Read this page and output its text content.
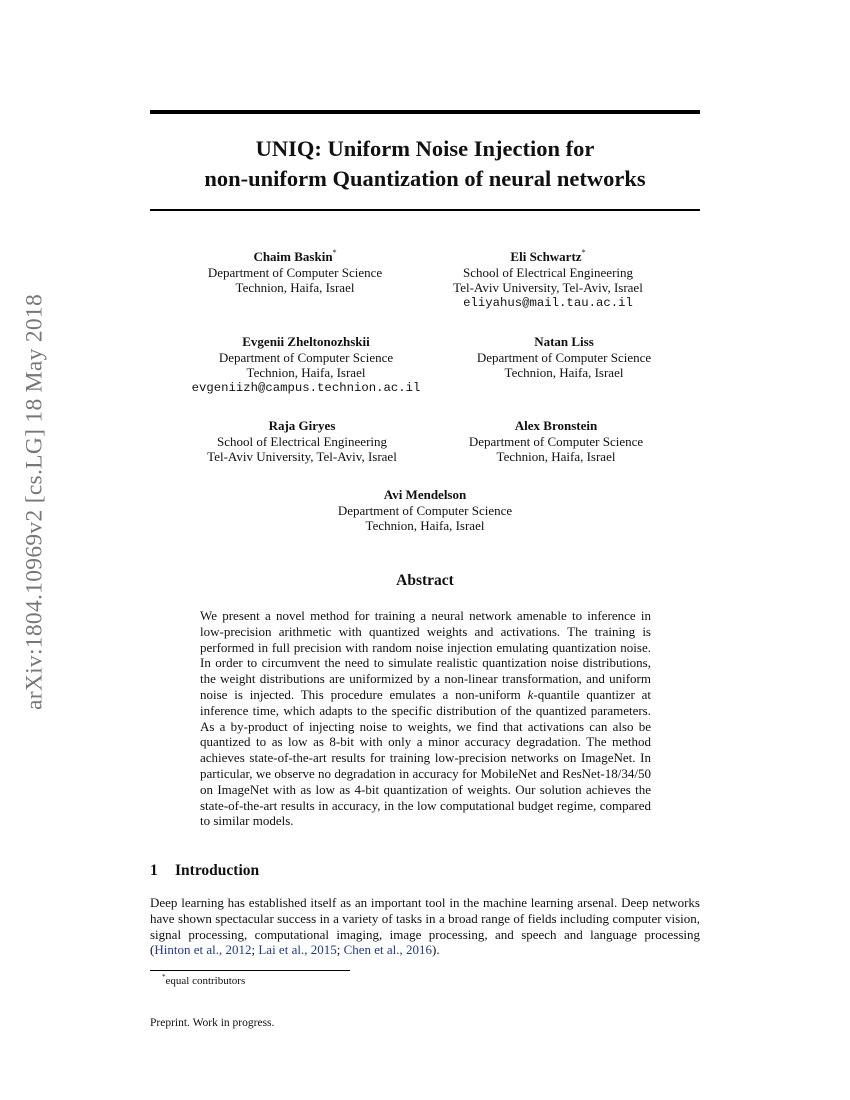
arXiv:1804.10969v2 [cs.LG] 18 May 2018
UNIQ: Uniform Noise Injection for
non-uniform Quantization of neural networks
Chaim Baskin*
Department of Computer Science
Technion, Haifa, Israel
Eli Schwartz*
School of Electrical Engineering
Tel-Aviv University, Tel-Aviv, Israel
eliyahus@mail.tau.ac.il
Evgenii Zheltonozhskii
Department of Computer Science
Technion, Haifa, Israel
evgeniizh@campus.technion.ac.il
Natan Liss
Department of Computer Science
Technion, Haifa, Israel
Raja Giryes
School of Electrical Engineering
Tel-Aviv University, Tel-Aviv, Israel
Alex Bronstein
Department of Computer Science
Technion, Haifa, Israel
Avi Mendelson
Department of Computer Science
Technion, Haifa, Israel
Abstract

We present a novel method for training a neural network amenable to inference in low-precision arithmetic with quantized weights and activations. The training is performed in full precision with random noise injection emulating quantization noise. In order to circumvent the need to simulate realistic quantization noise distributions, the weight distributions are uniformized by a non-linear transformation, and uniform noise is injected. This procedure emulates a non-uniform k-quantile quantizer at inference time, which adapts to the specific distribution of the quantized parameters. As a by-product of injecting noise to weights, we find that activations can also be quantized to as low as 8-bit with only a minor accuracy degradation. The method achieves state-of-the-art results for training low-precision networks on ImageNet. In particular, we observe no degradation in accuracy for MobileNet and ResNet-18/34/50 on ImageNet with as low as 4-bit quantization of weights. Our solution achieves the state-of-the-art results in accuracy, in the low computational budget regime, compared to similar models.

1 Introduction

Deep learning has established itself as an important tool in the machine learning arsenal. Deep networks have shown spectacular success in a variety of tasks in a broad range of fields including computer vision, signal processing, computational imaging, image processing, and speech and language processing (Hinton et al., 2012; Lai et al., 2015; Chen et al., 2016).

*equal contributors
Preprint. Work in progress.
